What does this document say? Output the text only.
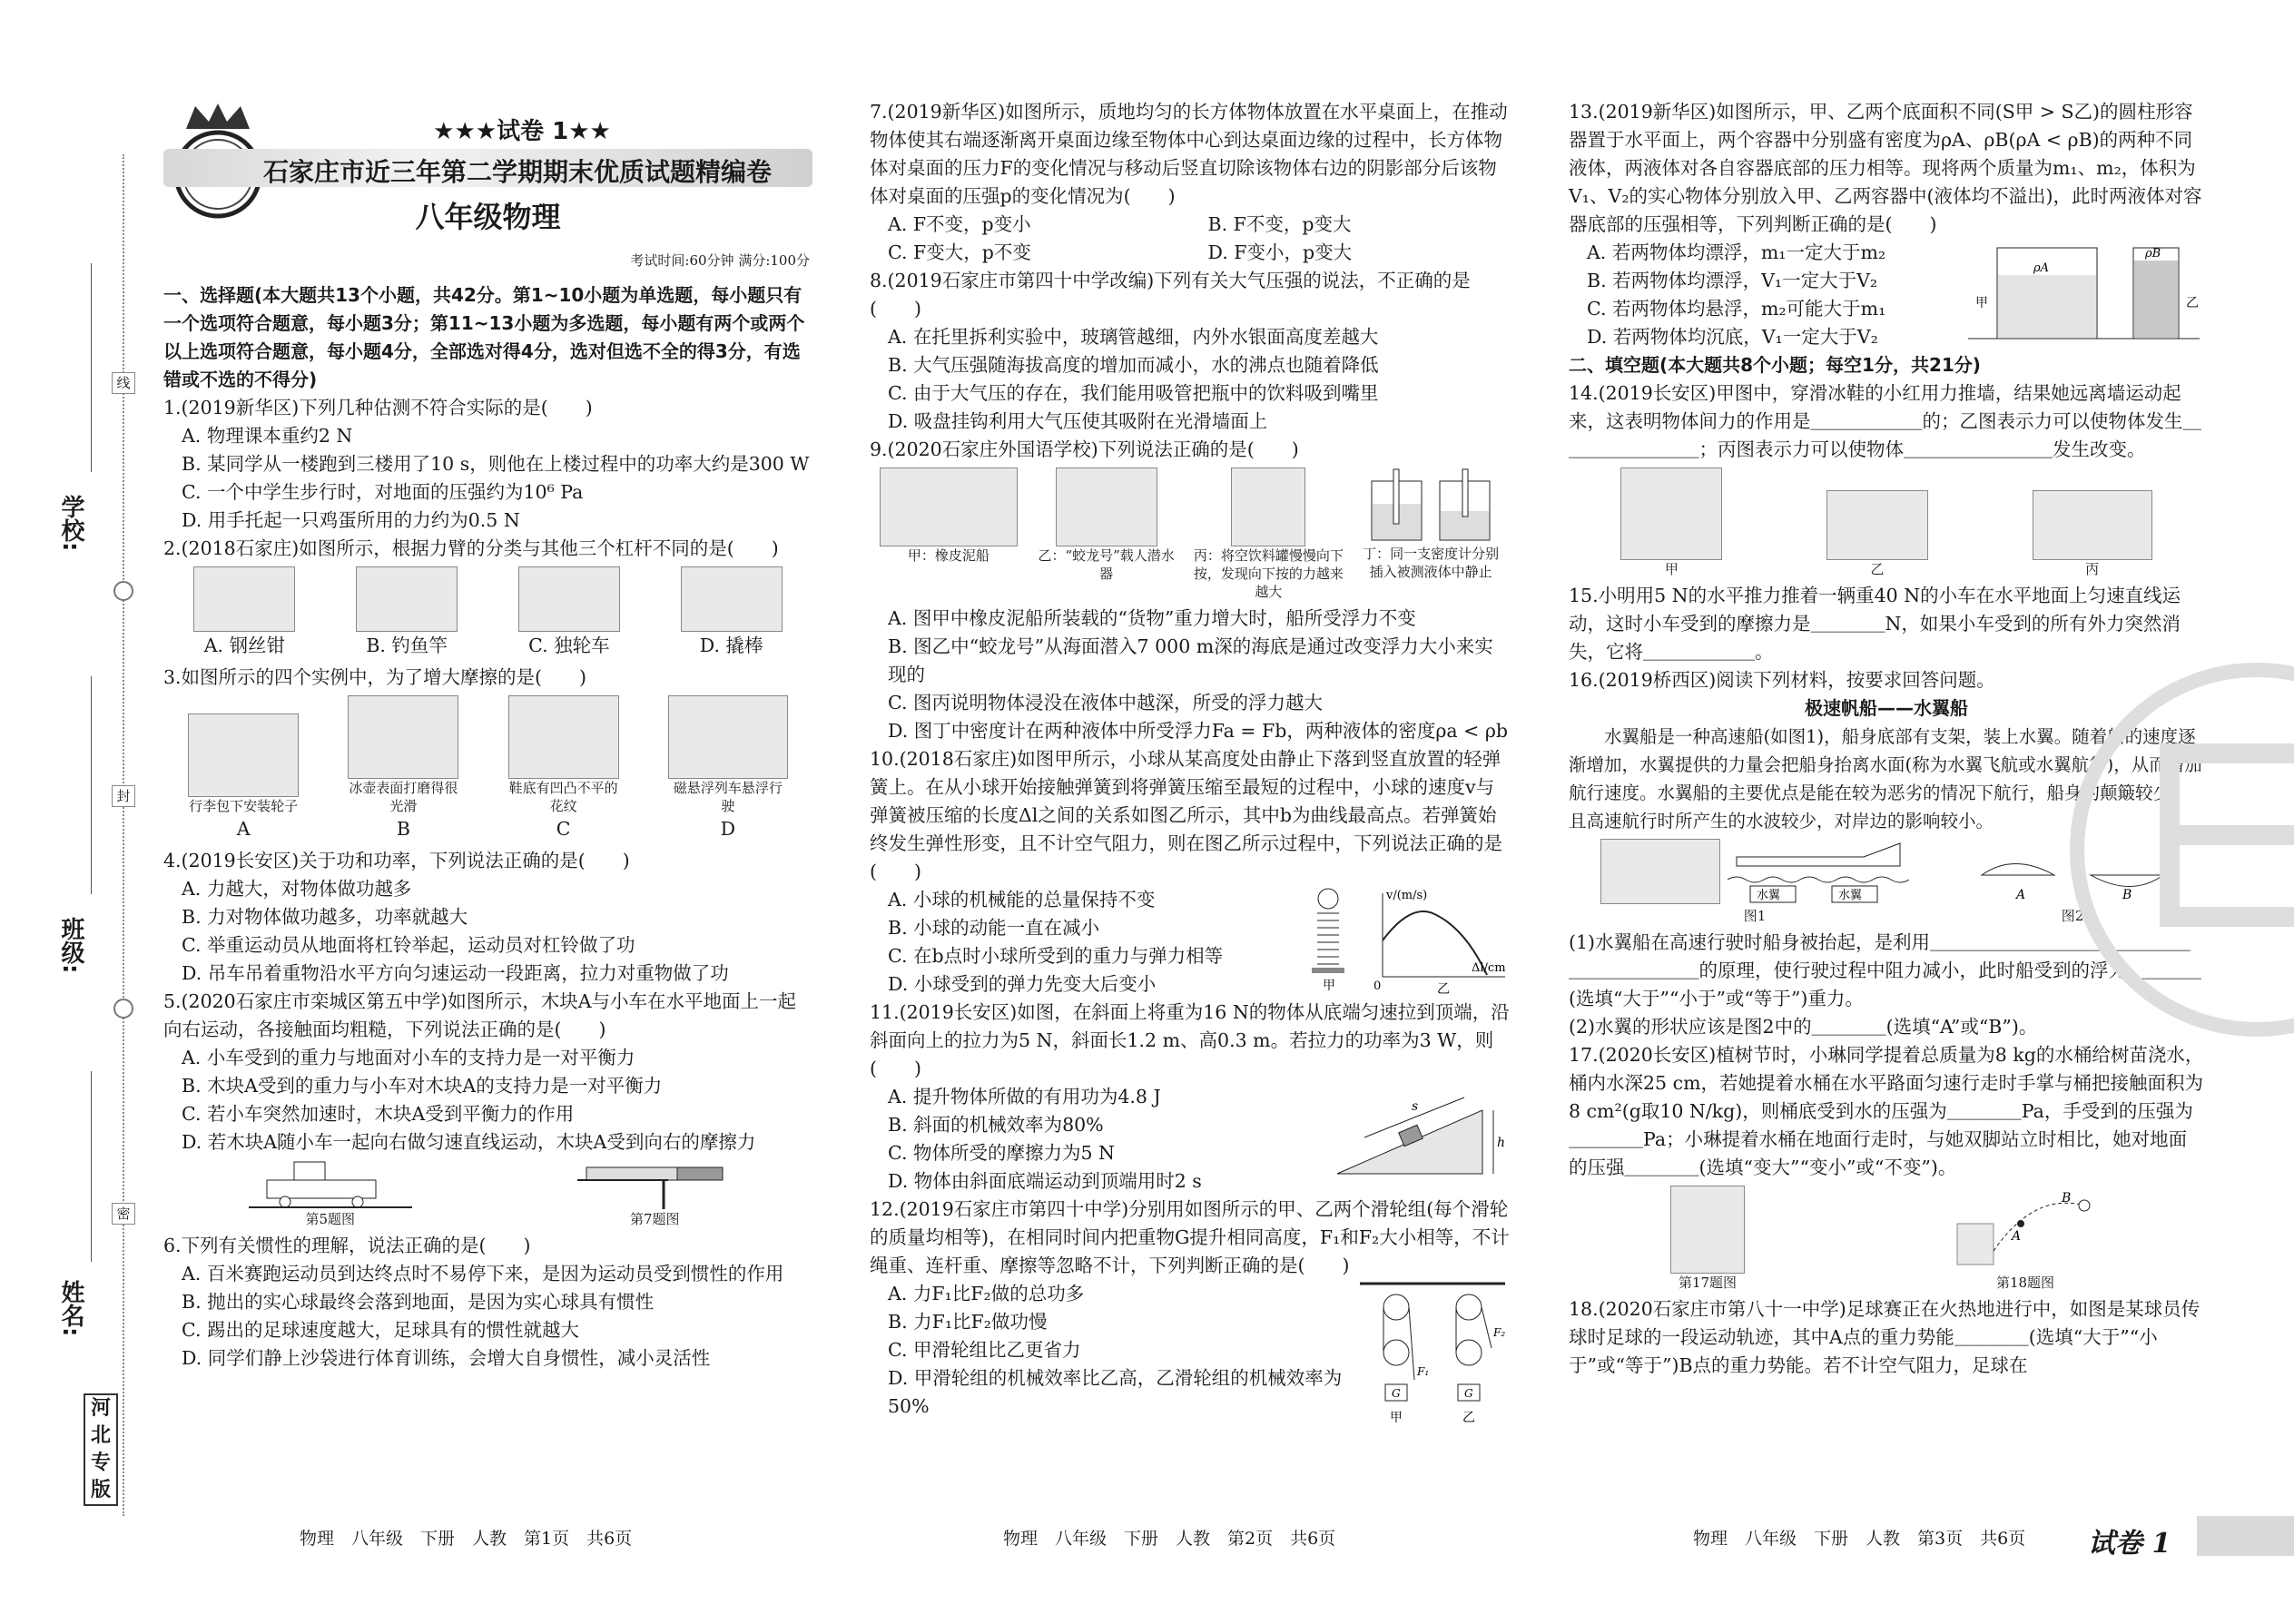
学校:
班级:
姓名:
线
封
密
河北专版
★★★试卷 1★★
石家庄市近三年第二学期期末优质试题精编卷
八年级物理
考试时间:60分钟 满分:100分

一、选择题(本大题共13个小题，共42分。第1~10小题为单选题，每小题只有一个选项符合题意，每小题3分；第11~13小题为多选题，每小题有两个或两个以上选项符合题意，每小题4分，全部选对得4分，选对但选不全的得3分，有选错或不选的不得分)

1.(2019新华区)下列几种估测不符合实际的是(　　)

A. 物理课本重约2 N

B. 某同学从一楼跑到三楼用了10 s，则他在上楼过程中的功率大约是300 W

C. 一个中学生步行时，对地面的压强约为10⁶ Pa

D. 用手托起一只鸡蛋所用的力约为0.5 N

2.(2018石家庄)如图所示，根据力臂的分类与其他三个杠杆不同的是(　　)

A. 钢丝钳	B. 钓鱼竿	C. 独轮车	D. 撬棒

3.如图所示的四个实例中，为了增大摩擦的是(　　)

行李包下安装轮子
A
冰壶表面打磨得很光滑
B
鞋底有凹凸不平的花纹
C
磁悬浮列车悬浮行驶
D

4.(2019长安区)关于功和功率，下列说法正确的是(　　)

A. 力越大，对物体做功越多

B. 力对物体做功越多，功率就越大

C. 举重运动员从地面将杠铃举起，运动员对杠铃做了功

D. 吊车吊着重物沿水平方向匀速运动一段距离，拉力对重物做了功

5.(2020石家庄市栾城区第五中学)如图所示，木块A与小车在水平地面上一起向右运动，各接触面均粗糙，下列说法正确的是(　　)

A. 小车受到的重力与地面对小车的支持力是一对平衡力

B. 木块A受到的重力与小车对木块A的支持力是一对平衡力

C. 若小车突然加速时，木块A受到平衡力的作用

D. 若木块A随小车一起向右做匀速直线运动，木块A受到向右的摩擦力

第5题图	第7题图

6.下列有关惯性的理解，说法正确的是(　　)

A. 百米赛跑运动员到达终点时不易停下来，是因为运动员受到惯性的作用

B. 抛出的实心球最终会落到地面，是因为实心球具有惯性

C. 踢出的足球速度越大，足球具有的惯性就越大

D. 同学们静上沙袋进行体育训练，会增大自身惯性，减小灵活性

7.(2019新华区)如图所示，质地均匀的长方体物体放置在水平桌面上，在推动物体使其右端逐渐离开桌面边缘至物体中心到达桌面边缘的过程中，长方体物体对桌面的压力F的变化情况与移动后竖直切除该物体右边的阴影部分后该物体对桌面的压强p的变化情况为(　　)

A. F不变，p变小	B. F不变，p变大

C. F变大，p不变	D. F变小，p变大

8.(2019石家庄市第四十中学改编)下列有关大气压强的说法，不正确的是(　　)

A. 在托里拆利实验中，玻璃管越细，内外水银面高度差越大

B. 大气压强随海拔高度的增加而减小，水的沸点也随着降低

C. 由于大气压的存在，我们能用吸管把瓶中的饮料吸到嘴里

D. 吸盘挂钩利用大气压使其吸附在光滑墙面上

9.(2020石家庄外国语学校)下列说法正确的是(　　)

甲：橡皮泥船	乙：“蛟龙号”载人潜水器
丙：将空饮料罐慢慢向下按，发现向下按的力越来越大
丁：同一支密度计分别插入被测液体中静止

A. 图甲中橡皮泥船所装载的“货物”重力增大时，船所受浮力不变

B. 图乙中“蛟龙号”从海面潜入7 000 m深的海底是通过改变浮力大小来实现的

C. 图丙说明物体浸没在液体中越深，所受的浮力越大

D. 图丁中密度计在两种液体中所受浮力Fa = Fb，两种液体的密度ρa < ρb

10.(2018石家庄)如图甲所示，小球从某高度处由静止下落到竖直放置的轻弹簧上。在从小球开始接触弹簧到将弹簧压缩至最短的过程中，小球的速度v与弹簧被压缩的长度Δl之间的关系如图乙所示，其中b为曲线最高点。若弹簧始终发生弹性形变，且不计空气阻力，则在图乙所示过程中，下列说法正确的是(　　)

A. 小球的机械能的总量保持不变

B. 小球的动能一直在减小

C. 在b点时小球所受到的重力与弹力相等

D. 小球受到的弹力先变大后变小

v/(m/s)
Δl/cm
0
甲	乙

11.(2019长安区)如图，在斜面上将重为16 N的物体从底端匀速拉到顶端，沿斜面向上的拉力为5 N，斜面长1.2 m、高0.3 m。若拉力的功率为3 W，则(　　)

A. 提升物体所做的有用功为4.8 J

B. 斜面的机械效率为80%

C. 物体所受的摩擦力为5 N

D. 物体由斜面底端运动到顶端用时2 s

s
h

12.(2019石家庄市第四十中学)分别用如图所示的甲、乙两个滑轮组(每个滑轮的质量均相等)，在相同时间内把重物G提升相同高度，F₁和F₂大小相等，不计绳重、连杆重、摩擦等忽略不计，下列判断正确的是(　　)

A. 力F₁比F₂做的总功多

B. 力F₁比F₂做功慢

C. 甲滑轮组比乙更省力

D. 甲滑轮组的机械效率比乙高，乙滑轮组的机械效率为50%

G	G
F₁
F₂
甲	乙

13.(2019新华区)如图所示，甲、乙两个底面积不同(S甲 > S乙)的圆柱形容器置于水平面上，两个容器中分别盛有密度为ρA、ρB(ρA < ρB)的两种不同液体，两液体对各自容器底部的压力相等。现将两个质量为m₁、m₂，体积为V₁、V₂的实心物体分别放入甲、乙两容器中(液体均不溢出)，此时两液体对容器底部的压强相等，下列判断正确的是(　　)

A. 若两物体均漂浮，m₁一定大于m₂

B. 若两物体均漂浮，V₁一定大于V₂

C. 若两物体均悬浮，m₂可能大于m₁

D. 若两物体均沉底，V₁一定大于V₂

ρA
ρB
甲	乙

二、填空题(本大题共8个小题；每空1分，共21分)

14.(2019长安区)甲图中，穿滑冰鞋的小红用力推墙，结果她远离墙运动起来，这表明物体间力的作用是＿＿＿＿＿＿的；乙图表示力可以使物体发生＿＿＿＿＿＿＿＿；丙图表示力可以使物体＿＿＿＿＿＿＿＿发生改变。

甲	乙	丙

15.小明用5 N的水平推力推着一辆重40 N的小车在水平地面上匀速直线运动，这时小车受到的摩擦力是＿＿＿＿N，如果小车受到的所有外力突然消失，它将＿＿＿＿＿＿。

16.(2019桥西区)阅读下列材料，按要求回答问题。

极速帆船——水翼船

水翼船是一种高速船(如图1)，船身底部有支架，装上水翼。随着船的速度逐渐增加，水翼提供的力量会把船身抬离水面(称为水翼飞航或水翼航行)，从而增加航行速度。水翼船的主要优点是能在较为恶劣的情况下航行，船身的颠簸较少，且高速航行时所产生的水波较少，对岸边的影响较小。

水翼	水翼
图1
A	B
图2

(1)水翼船在高速行驶时船身被抬起，是利用＿＿＿＿＿＿＿＿＿＿＿＿＿＿＿＿＿＿＿＿＿的原理，使行驶过程中阻力减小，此时船受到的浮力＿＿＿＿(选填“大于”“小于”或“等于”)重力。

(2)水翼的形状应该是图2中的＿＿＿＿(选填“A”或“B”)。

17.(2020长安区)植树节时，小琳同学提着总质量为8 kg的水桶给树苗浇水，桶内水深25 cm，若她提着水桶在水平路面匀速行走时手掌与桶把接触面积为8 cm²(g取10 N/kg)，则桶底受到水的压强为＿＿＿＿Pa，手受到的压强为＿＿＿＿Pa；小琳提着水桶在地面行走时，与她双脚站立时相比，她对地面的压强＿＿＿＿(选填“变大”“变小”或“不变”)。

第17题图
A
B
第18题图

18.(2020石家庄市第八十一中学)足球赛正在火热地进行中，如图是某球员传球时足球的一段运动轨迹，其中A点的重力势能＿＿＿＿(选填“大于”“小于”或“等于”)B点的重力势能。若不计空气阻力，足球在

物理　八年级　下册　人教　第1页　共6页	物理　八年级　下册　人教　第2页　共6页	物理　八年级　下册　人教　第3页　共6页 试卷 1
